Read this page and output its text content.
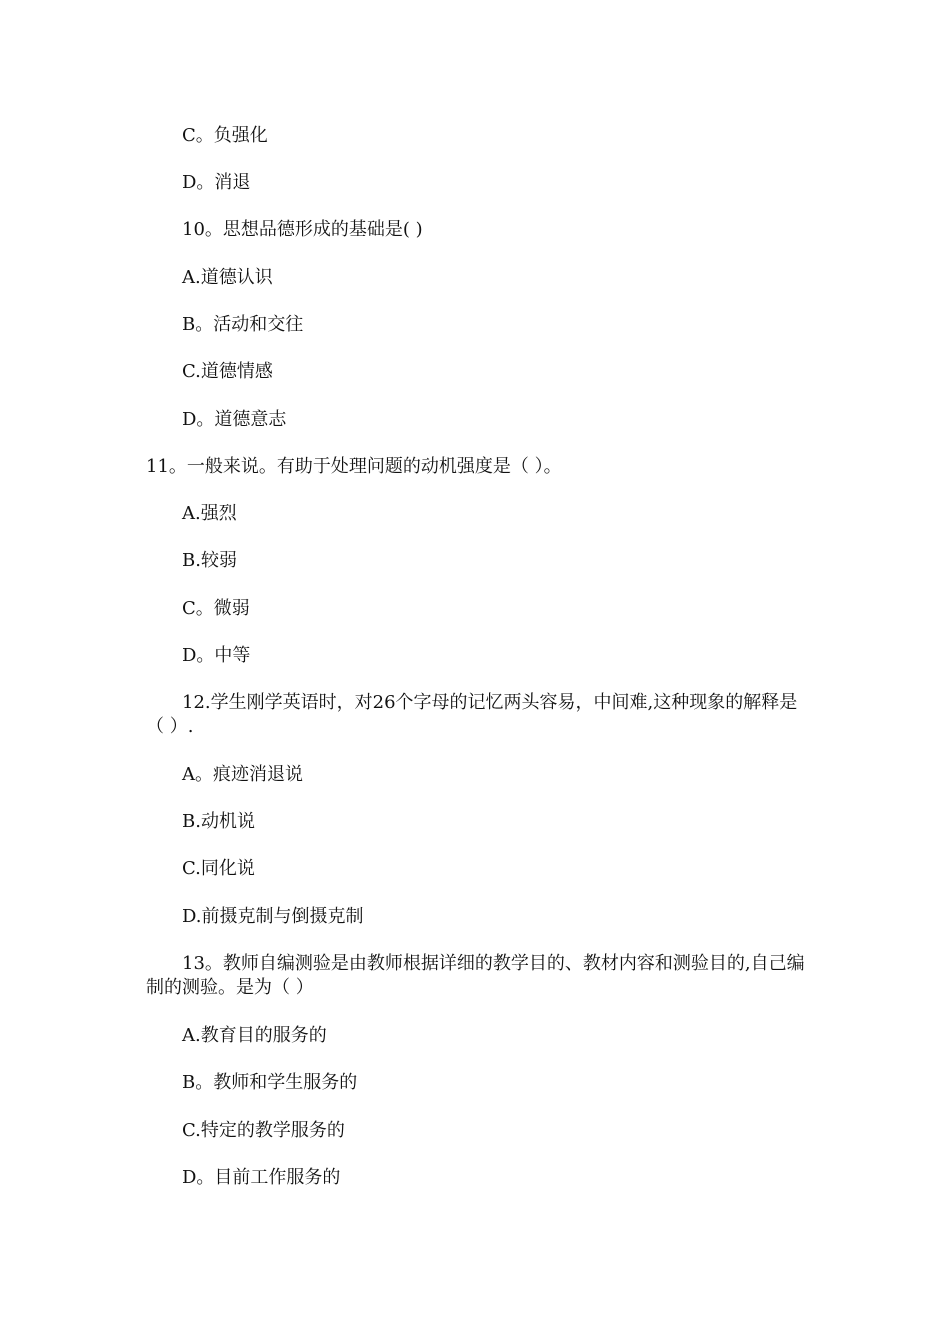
C。负强化
D。消退
10。思想品德形成的基础是( )
A.道德认识
B。活动和交往
C.道德情感
D。道德意志
11。一般来说。有助于处理问题的动机强度是（ ）。
A.强烈
B.较弱
C。微弱
D。中等
12.学生刚学英语时，对26个字母的记忆两头容易，中间难,这种现象的解释是（ ）.
A。痕迹消退说
B.动机说
C.同化说
D.前摄克制与倒摄克制
13。教师自编测验是由教师根据详细的教学目的、教材内容和测验目的,自己编制的测验。是为（ ）
A.教育目的服务的
B。教师和学生服务的
C.特定的教学服务的
D。目前工作服务的
